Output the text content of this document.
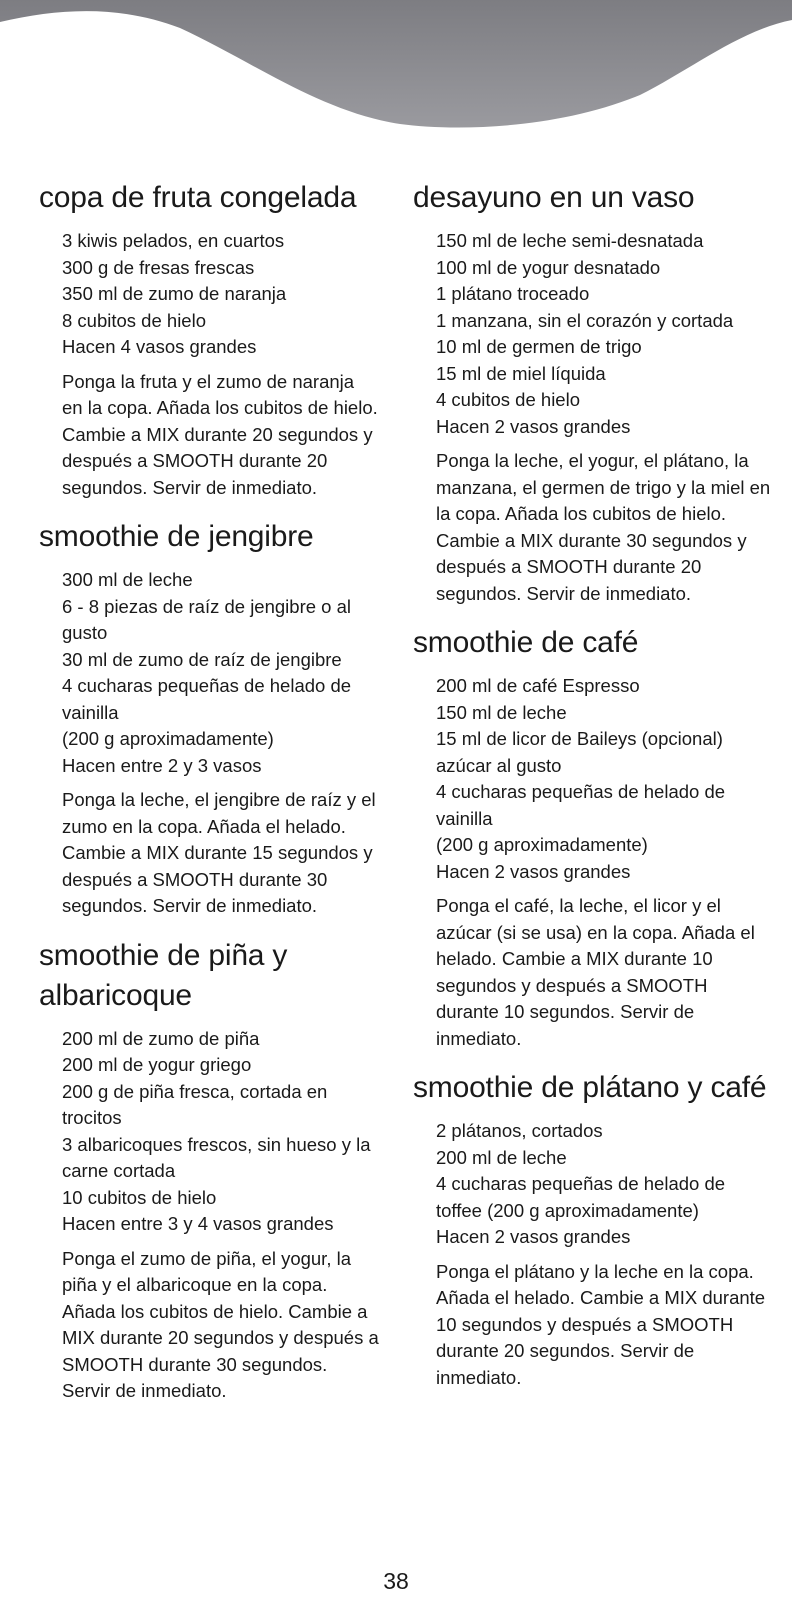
copa de fruta congelada
3 kiwis pelados, en cuartos
300 g de fresas frescas
350 ml de zumo de naranja
8 cubitos de hielo
Hacen 4 vasos grandes

Ponga la fruta y el zumo de naranja en la copa. Añada los cubitos de hielo. Cambie a MIX durante 20 segundos y después a SMOOTH durante 20 segundos. Servir de inmediato.

smoothie de jengibre
300 ml de leche
6 - 8 piezas de raíz de jengibre o al gusto
30 ml de zumo de raíz de jengibre
4 cucharas pequeñas de helado de vainilla
(200 g aproximadamente)
Hacen entre 2 y 3 vasos

Ponga la leche, el jengibre de raíz y el zumo en la copa. Añada el helado. Cambie a MIX durante 15 segundos y después a SMOOTH durante 30 segundos. Servir de inmediato.

smoothie de piña y albaricoque
200 ml de zumo de piña
200 ml de yogur griego
200 g de piña fresca, cortada en trocitos
3 albaricoques frescos, sin hueso y la carne cortada
10 cubitos de hielo
Hacen entre 3 y 4 vasos grandes

Ponga el zumo de piña, el yogur, la piña y el albaricoque en la copa. Añada los cubitos de hielo. Cambie a MIX durante 20 segundos y después a SMOOTH durante 30 segundos. Servir de inmediato.

desayuno en un vaso
150 ml de leche semi-desnatada
100 ml de yogur desnatado
1 plátano troceado
1 manzana, sin el corazón y cortada
10 ml de germen de trigo
15 ml de miel líquida
4 cubitos de hielo
Hacen 2 vasos grandes

Ponga la leche, el yogur, el plátano, la manzana, el germen de trigo y la miel en la copa. Añada los cubitos de hielo. Cambie a MIX durante 30 segundos y después a SMOOTH durante 20 segundos. Servir de inmediato.

smoothie de café
200 ml de café Espresso
150 ml de leche
15 ml de licor de Baileys (opcional)
azúcar al gusto
4 cucharas pequeñas de helado de vainilla
(200 g aproximadamente)
Hacen 2 vasos grandes

Ponga el café, la leche, el licor y el azúcar (si se usa) en la copa. Añada el helado. Cambie a MIX durante 10 segundos y después a SMOOTH durante 10 segundos. Servir de inmediato.

smoothie de plátano y café
2 plátanos, cortados
200 ml de leche
4 cucharas pequeñas de helado de toffee (200 g aproximadamente)
Hacen 2 vasos grandes

Ponga el plátano y la leche en la copa. Añada el helado. Cambie a MIX durante 10 segundos y después a SMOOTH durante 20 segundos. Servir de inmediato.

38
